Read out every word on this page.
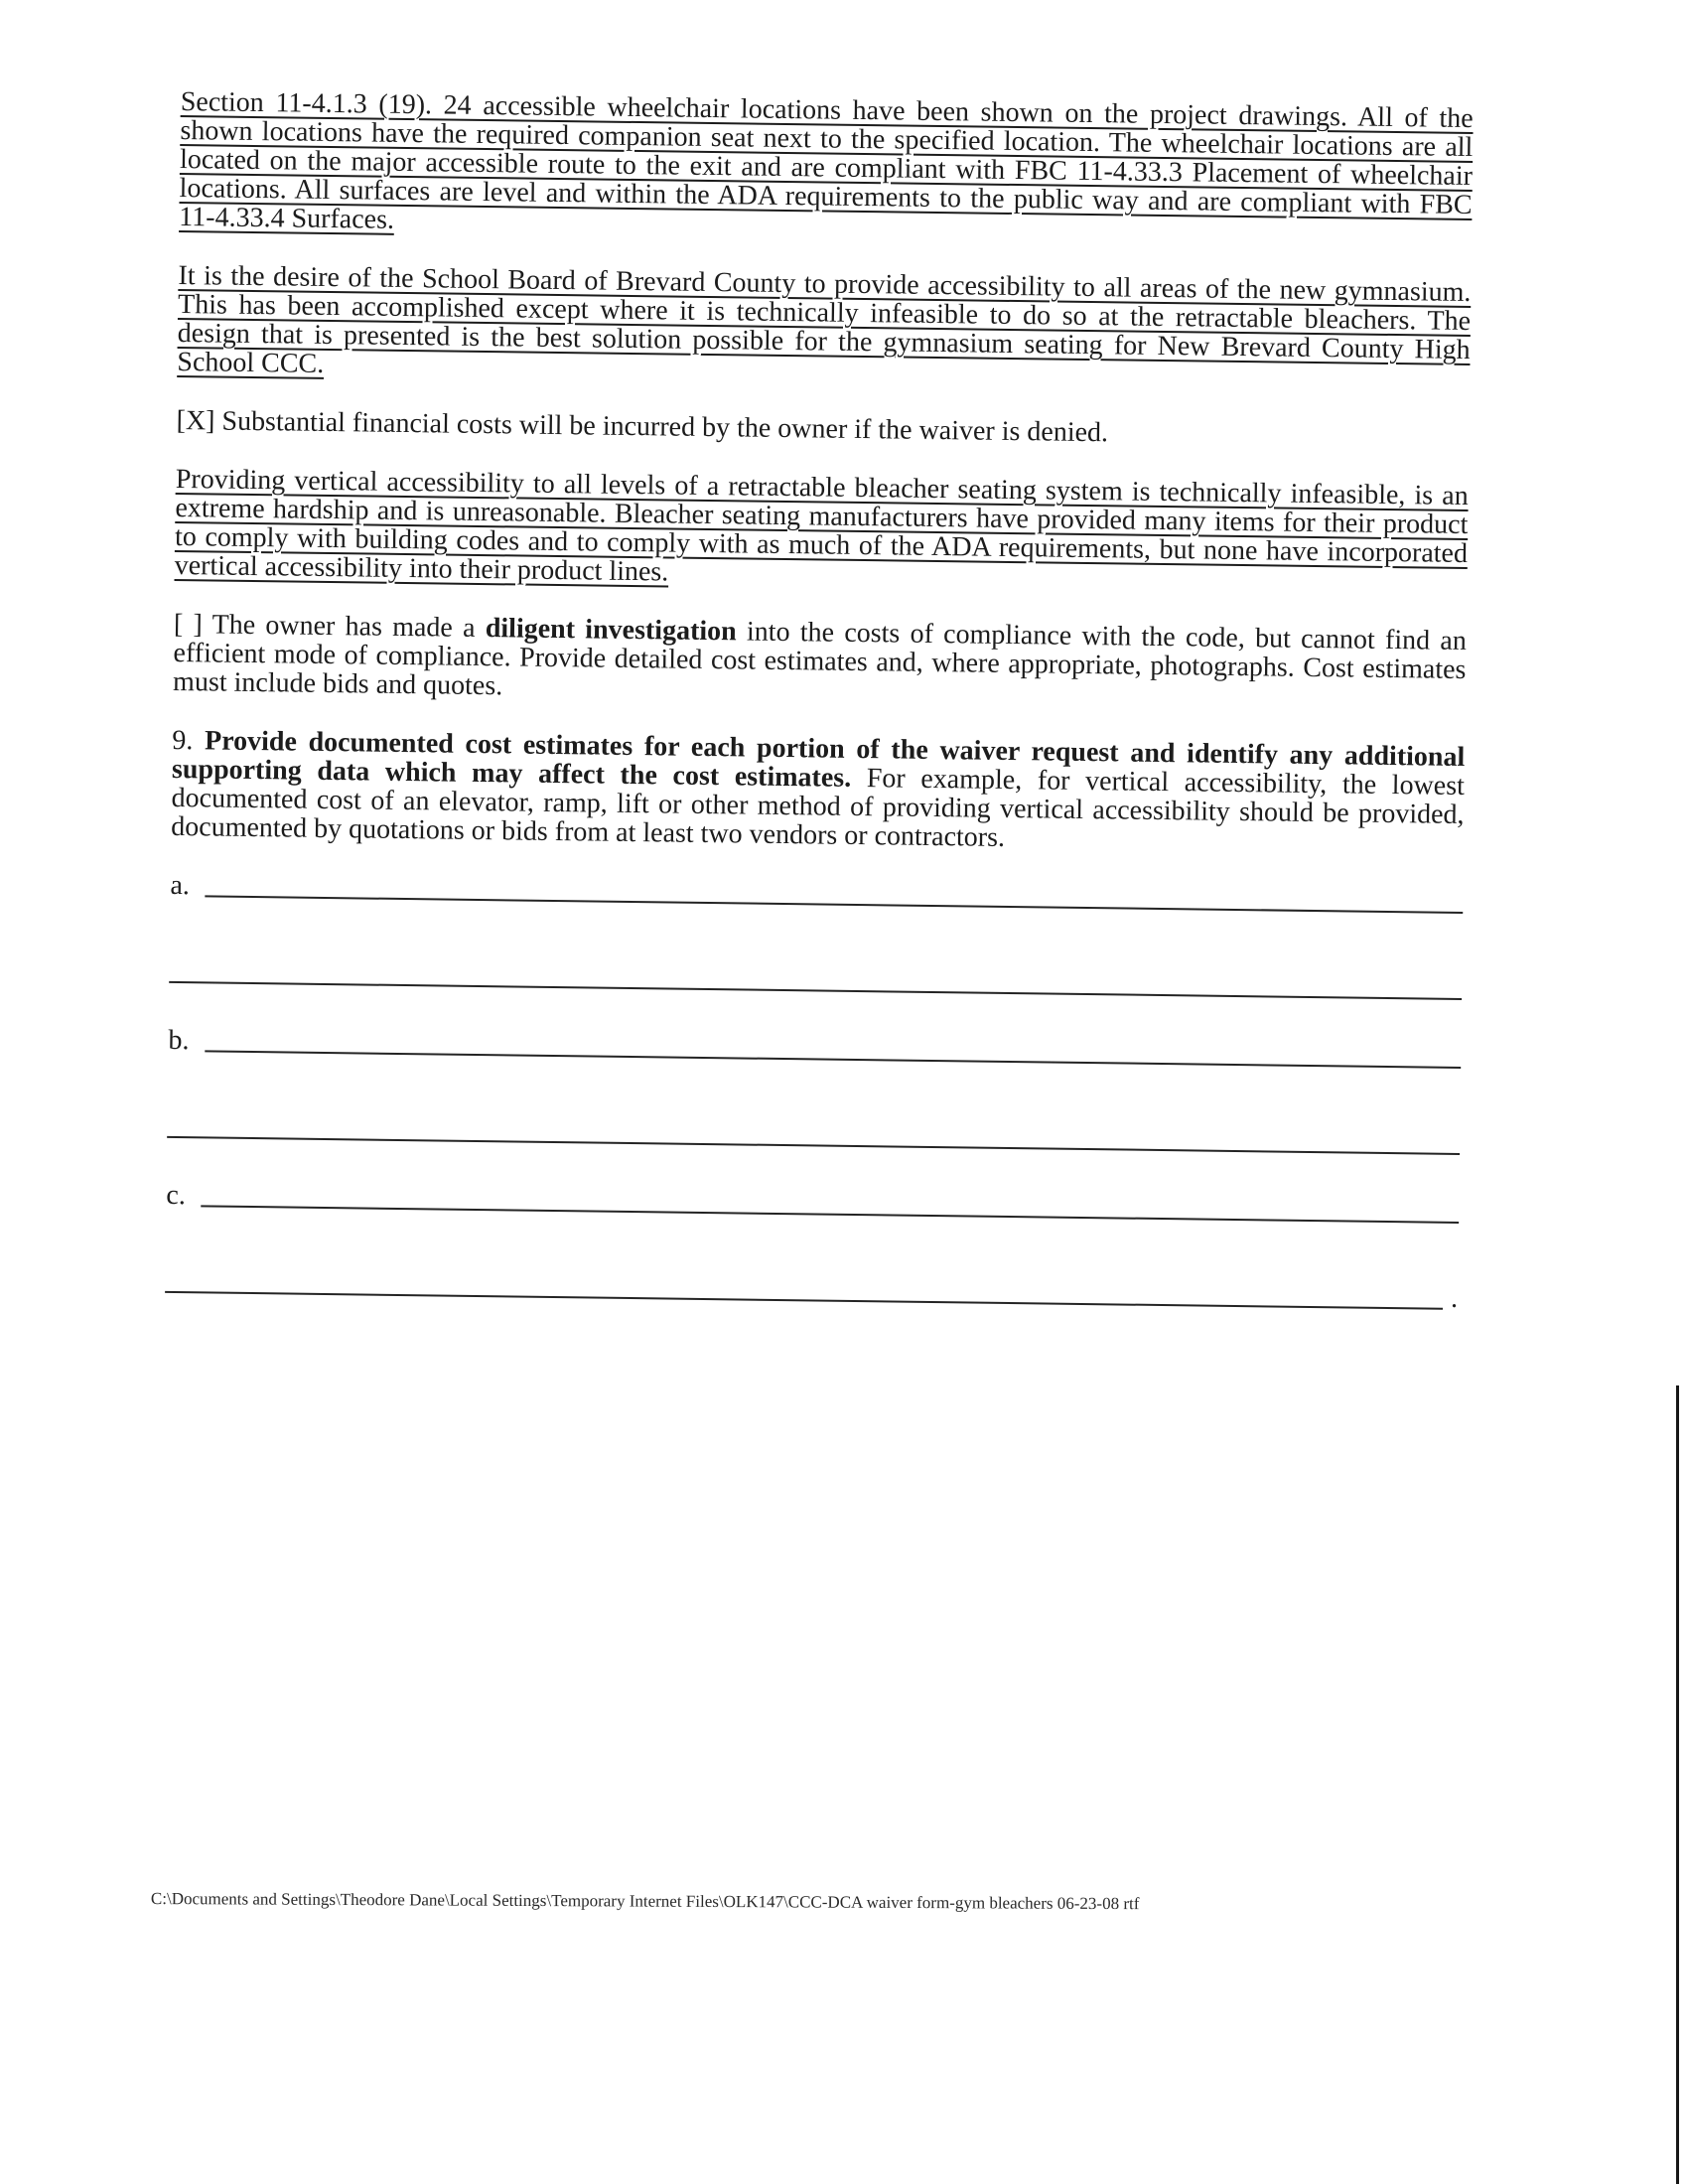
Section 11-4.1.3 (19). 24 accessible wheelchair locations have been shown on the project drawings. All of the shown locations have the required companion seat next to the specified location. The wheelchair locations are all located on the major accessible route to the exit and are compliant with FBC 11-4.33.3 Placement of wheelchair locations. All surfaces are level and within the ADA requirements to the public way and are compliant with FBC 11-4.33.4 Surfaces.

It is the desire of the School Board of Brevard County to provide accessibility to all areas of the new gymnasium. This has been accomplished except where it is technically infeasible to do so at the retractable bleachers. The design that is presented is the best solution possible for the gymnasium seating for New Brevard County High School CCC.

[X] Substantial financial costs will be incurred by the owner if the waiver is denied.

Providing vertical accessibility to all levels of a retractable bleacher seating system is technically infeasible, is an extreme hardship and is unreasonable. Bleacher seating manufacturers have provided many items for their product to comply with building codes and to comply with as much of the ADA requirements, but none have incorporated vertical accessibility into their product lines.

[ ] The owner has made a diligent investigation into the costs of compliance with the code, but cannot find an efficient mode of compliance. Provide detailed cost estimates and, where appropriate, photographs. Cost estimates must include bids and quotes.

9. Provide documented cost estimates for each portion of the waiver request and identify any additional supporting data which may affect the cost estimates. For example, for vertical accessibility, the lowest documented cost of an elevator, ramp, lift or other method of providing vertical accessibility should be provided, documented by quotations or bids from at least two vendors or contractors.

a.
b.
c.
.
C:\Documents and Settings\Theodore Dane\Local Settings\Temporary Internet Files\OLK147\CCC-DCA waiver form-gym bleachers 06-23-08 rtf
